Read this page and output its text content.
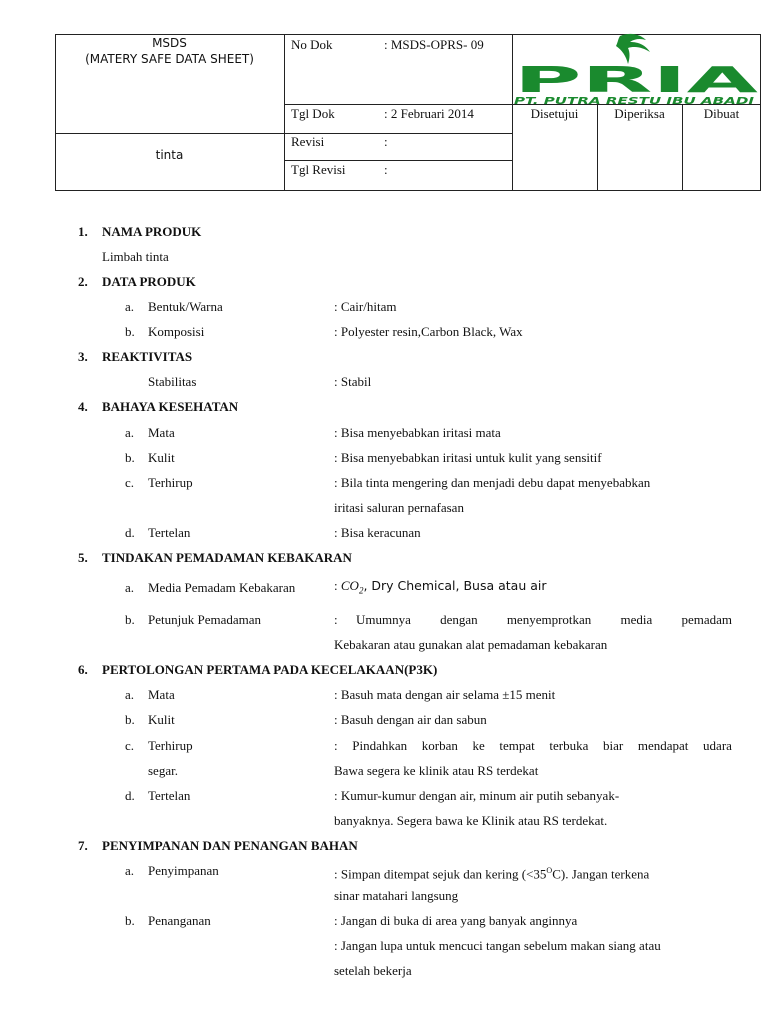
MSDS
(MATERY SAFE DATA SHEET)
tinta
No Dok	: MSDS-OPRS- 09
Tgl Dok	: 2 Februari 2014
Revisi	:
Tgl Revisi	:
Disetujui	Diperiksa	Dibuat
PRIA
PT. PUTRA RESTU IBU ABADI
1. NAMA PRODUK
Limbah tinta
2. DATA PRODUK
a. Bentuk/Warna	: Cair/hitam
b. Komposisi	: Polyester resin,Carbon Black, Wax
3. REAKTIVITAS
Stabilitas	: Stabil
4. BAHAYA KESEHATAN
a. Mata	: Bisa menyebabkan iritasi mata
b. Kulit	: Bisa menyebabkan iritasi untuk kulit yang sensitif
c. Terhirup	: Bila tinta mengering dan menjadi debu dapat menyebabkan
iritasi saluran pernafasan
d. Tertelan	: Bisa keracunan
5. TINDAKAN PEMADAMAN KEBAKARAN
a. Media Pemadam Kebakaran	: $CO_2$, Dry Chemical, Busa atau air
b. Petunjuk Pemadaman	: Umumnya dengan menyemprotkan media pemadam
Kebakaran atau gunakan alat pemadaman kebakaran
6. PERTOLONGAN PERTAMA PADA KECELAKAAN(P3K)
a. Mata	: Basuh mata dengan air selama ±15 menit
b. Kulit	: Basuh dengan air dan sabun
c. Terhirup	: Pindahkan korban ke tempat terbuka biar mendapat udara
segar.	Bawa segera ke klinik atau RS terdekat
d. Tertelan	: Kumur-kumur dengan air, minum air putih sebanyak-
banyaknya. Segera bawa ke Klinik atau RS terdekat.
7. PENYIMPANAN DAN PENANGAN BAHAN
a. Penyimpanan	: Simpan ditempat sejuk dan kering $(<35^OC)$. Jangan terkena
sinar matahari langsung
b. Penanganan	: Jangan di buka di area yang banyak anginnya
: Jangan lupa untuk mencuci tangan sebelum makan siang atau
setelah bekerja
